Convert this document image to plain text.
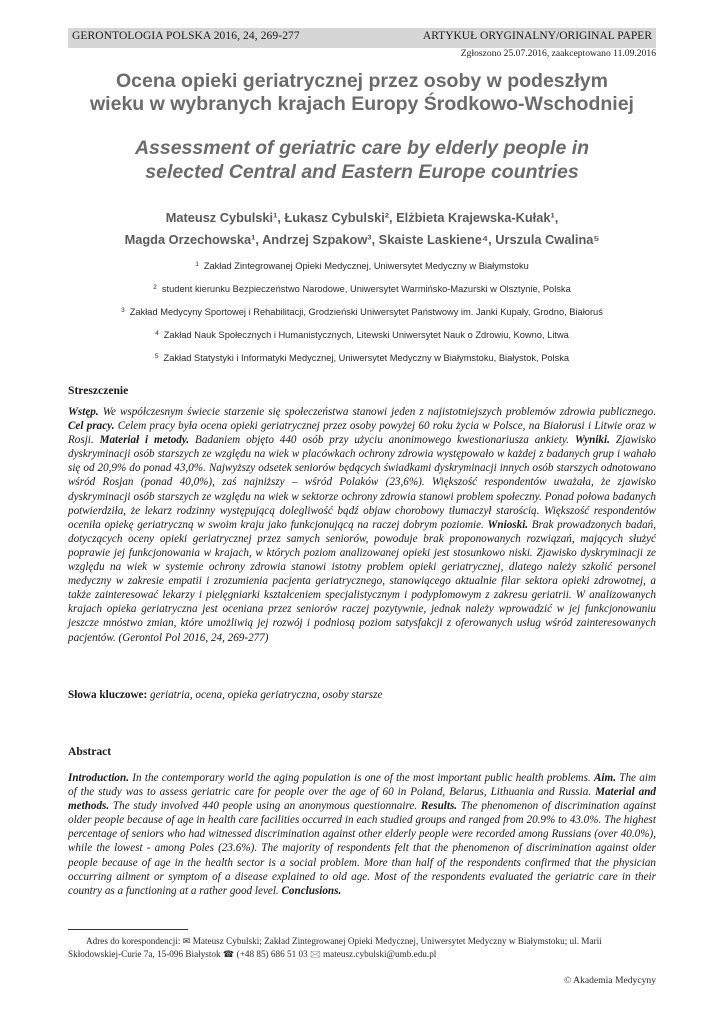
GERONTOLOGIA POLSKA 2016, 24, 269-277	ARTYKUŁ ORYGINALNY/ORIGINAL PAPER
Zgłoszono 25.07.2016, zaakceptowano 11.09.2016
Ocena opieki geriatrycznej przez osoby w podeszłym
wieku w wybranych krajach Europy Środkowo-Wschodniej
Assessment of geriatric care by elderly people in
selected Central and Eastern Europe countries
Mateusz Cybulski¹, Łukasz Cybulski², Elżbieta Krajewska-Kułak¹,
Magda Orzechowska¹, Andrzej Szpakow³, Skaiste Laskiene⁴, Urszula Cwalina⁵
$^1$ Zakład Zintegrowanej Opieki Medycznej, Uniwersytet Medyczny w Białymstoku
$^2$ student kierunku Bezpieczeństwo Narodowe, Uniwersytet Warmińsko-Mazurski w Olsztynie, Polska
$^3$ Zakład Medycyny Sportowej i Rehabilitacji, Grodzieński Uniwersytet Państwowy im. Janki Kupały, Grodno, Białoruś
$^4$ Zakład Nauk Społecznych i Humanistycznych, Litewski Uniwersytet Nauk o Zdrowiu, Kowno, Litwa
$^5$ Zakład Statystyki i Informatyki Medycznej, Uniwersytet Medyczny w Białymstoku, Białystok, Polska
Streszczenie
Wstęp. We współczesnym świecie starzenie się społeczeństwa stanowi jeden z najistotniejszych problemów zdrowia publicznego. Cel pracy. Celem pracy była ocena opieki geriatrycznej przez osoby powyżej 60 roku życia w Polsce, na Białorusi i Litwie oraz w Rosji. Materiał i metody. Badaniem objęto 440 osób przy użyciu anonimowego kwestionariusza ankiety. Wyniki. Zjawisko dyskryminacji osób starszych ze względu na wiek w placówkach ochrony zdrowia występowało w każdej z badanych grup i wahało się od 20,9% do ponad 43,0%. Najwyższy odsetek seniorów będących świadkami dyskryminacji innych osób starszych odnotowano wśród Rosjan (ponad 40,0%), zaś najniższy – wśród Polaków (23,6%). Większość respondentów uważała, że zjawisko dyskryminacji osób starszych ze względu na wiek w sektorze ochrony zdrowia stanowi problem społeczny. Ponad połowa badanych potwierdziła, że lekarz rodzinny występującą dolegliwość bądź objaw chorobowy tłumaczył starością. Większość respondentów oceniła opiekę geriatryczną w swoim kraju jako funkcjonującą na raczej dobrym poziomie. Wnioski. Brak prowadzonych badań, dotyczących oceny opieki geriatrycznej przez samych seniorów, powoduje brak proponowanych rozwiązań, mających służyć poprawie jej funkcjonowania w krajach, w których poziom analizowanej opieki jest stosunkowo niski. Zjawisko dyskryminacji ze względu na wiek w systemie ochrony zdrowia stanowi istotny problem opieki geriatrycznej, dlatego należy szkolić personel medyczny w zakresie empatii i zrozumienia pacjenta geriatrycznego, stanowiącego aktualnie filar sektora opieki zdrowotnej, a także zainteresować lekarzy i pielęgniarki kształceniem specjalistycznym i podyplomowym z zakresu geriatrii. W analizowanych krajach opieka geriatryczna jest oceniana przez seniorów raczej pozytywnie, jednak należy wprowadzić w jej funkcjonowaniu jeszcze mnóstwo zmian, które umożliwią jej rozwój i podniosą poziom satysfakcji z oferowanych usług wśród zainteresowanych pacjentów. (Gerontol Pol 2016, 24, 269-277)
Słowa kluczowe: geriatria, ocena, opieka geriatryczna, osoby starsze
Abstract
Introduction. In the contemporary world the aging population is one of the most important public health problems. Aim. The aim of the study was to assess geriatric care for people over the age of 60 in Poland, Belarus, Lithuania and Russia. Material and methods. The study involved 440 people using an anonymous questionnaire. Results. The phenomenon of discrimination against older people because of age in health care facilities occurred in each studied groups and ranged from 20.9% to 43.0%. The highest percentage of seniors who had witnessed discrimination against other elderly people were recorded among Russians (over 40.0%), while the lowest - among Poles (23.6%). The majority of respondents felt that the phenomenon of discrimination against older people because of age in the health sector is a social problem. More than half of the respondents confirmed that the physician occurring ailment or symptom of a disease explained to old age. Most of the respondents evaluated the geriatric care in their country as a functioning at a rather good level. Conclusions.
Adres do korespondencji: ✉ Mateusz Cybulski; Zakład Zintegrowanej Opieki Medycznej, Uniwersytet Medyczny w Białymstoku; ul. Marii
Skłodowskiej-Curie 7a, 15-096 Białystok ☎ (+48 85) 686 51 03 🖂 mateusz.cybulski@umb.edu.pl
© Akademia Medycyny
